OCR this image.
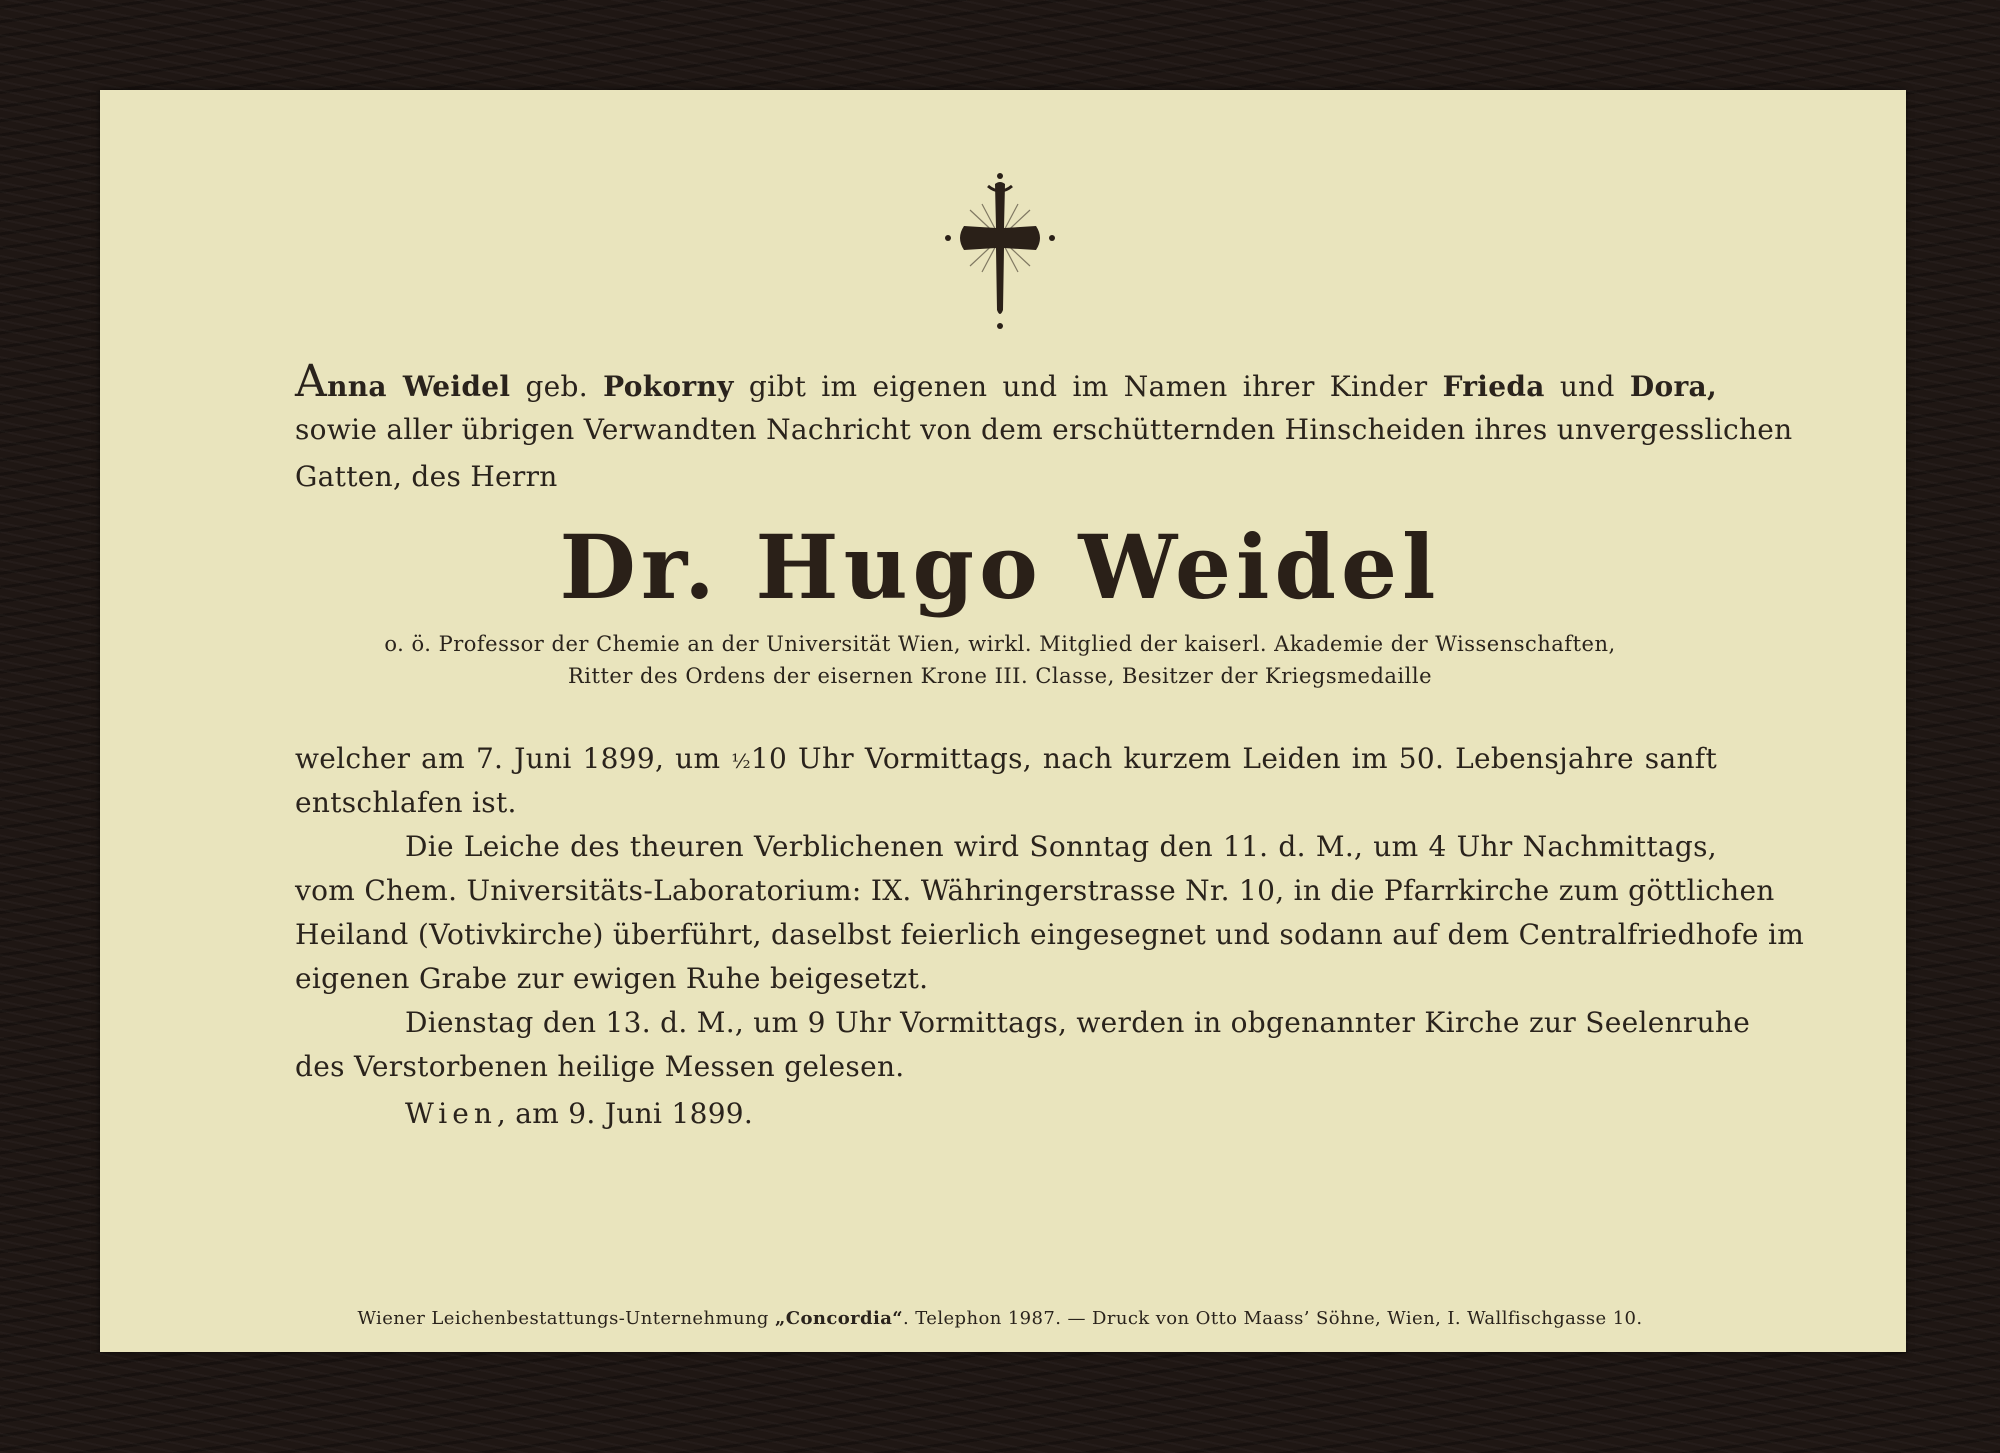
Anna Weidel geb. Pokorny gibt im eigenen und im Namen ihrer Kinder Frieda und Dora,
sowie aller übrigen Verwandten Nachricht von dem erschütternden Hinscheiden ihres unvergesslichen
Gatten, des Herrn
Dr. Hugo Weidel
o. ö. Professor der Chemie an der Universität Wien, wirkl. Mitglied der kaiserl. Akademie der Wissenschaften,
Ritter des Ordens der eisernen Krone III. Classe, Besitzer der Kriegsmedaille
welcher am 7. Juni 1899, um ½10 Uhr Vormittags, nach kurzem Leiden im 50. Lebensjahre sanft
entschlafen ist.
Die Leiche des theuren Verblichenen wird Sonntag den 11. d. M., um 4 Uhr Nachmittags,
vom Chem. Universitäts-Laboratorium: IX. Währingerstrasse Nr. 10, in die Pfarrkirche zum göttlichen
Heiland (Votivkirche) überführt, daselbst feierlich eingesegnet und sodann auf dem Centralfriedhofe im
eigenen Grabe zur ewigen Ruhe beigesetzt.
Dienstag den 13. d. M., um 9 Uhr Vormittags, werden in obgenannter Kirche zur Seelenruhe
des Verstorbenen heilige Messen gelesen.
Wien, am 9. Juni 1899.
Wiener Leichenbestattungs-Unternehmung „Concordia“. Telephon 1987. — Druck von Otto Maass’ Söhne, Wien, I. Wallfischgasse 10.
